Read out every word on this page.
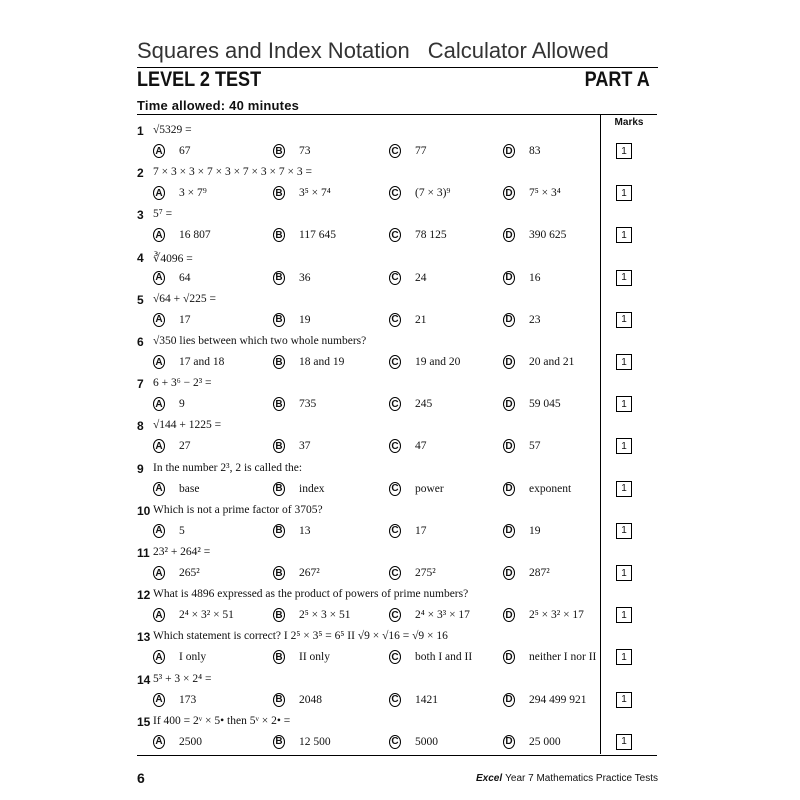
Squares and Index Notation Calculator Allowed
LEVEL 2 TEST	PART A
Time allowed: 40 minutes
Marks
1 √5329 =
A 67	B 73	C 77	D 83	1
2 7 × 3 × 3 × 7 × 3 × 7 × 3 × 7 × 3 =
A 3 × 7⁹	B 3⁵ × 7⁴	C (7 × 3)⁹	D 7⁵ × 3⁴	1
3 5⁷ =
A 16 807	B 117 645	C 78 125	D 390 625	1
4 ∛4096 =
A 64	B 36	C 24	D 16	1
5 √64 + √225 =
A 17	B 19	C 21	D 23	1
6 √350 lies between which two whole numbers?
A 17 and 18	B 18 and 19	C 19 and 20	D 20 and 21	1
7 6 + 3⁶ − 2³ =
A 9	B 735	C 245	D 59 045	1
8 √144 + 1225 =
A 27	B 37	C 47	D 57	1
9 In the number 2³, 2 is called the:
A base	B index	C power	D exponent	1
10 Which is not a prime factor of 3705?
A 5	B 13	C 17	D 19	1
11 23² + 264² =
A 265²	B 267²	C 275²	D 287²	1
12 What is 4896 expressed as the product of powers of prime numbers?
A 2⁴ × 3² × 51	B 2⁵ × 3 × 51	C 2⁴ × 3³ × 17	D 2⁵ × 3² × 17	1
13 Which statement is correct? I 2⁵ × 3⁵ = 6⁵ II √9 × √16 = √9 × 16
A I only	B II only	C both I and II	D neither I nor II	1
14 5³ + 3 × 2⁴ =
A 173	B 2048	C 1421	D 294 499 921	1
15 If 400 = 2ᵛ × 5• then 5ᵛ × 2• =
A 2500	B 12 500	C 5000	D 25 000	1
6	Excel Year 7 Mathematics Practice Tests
